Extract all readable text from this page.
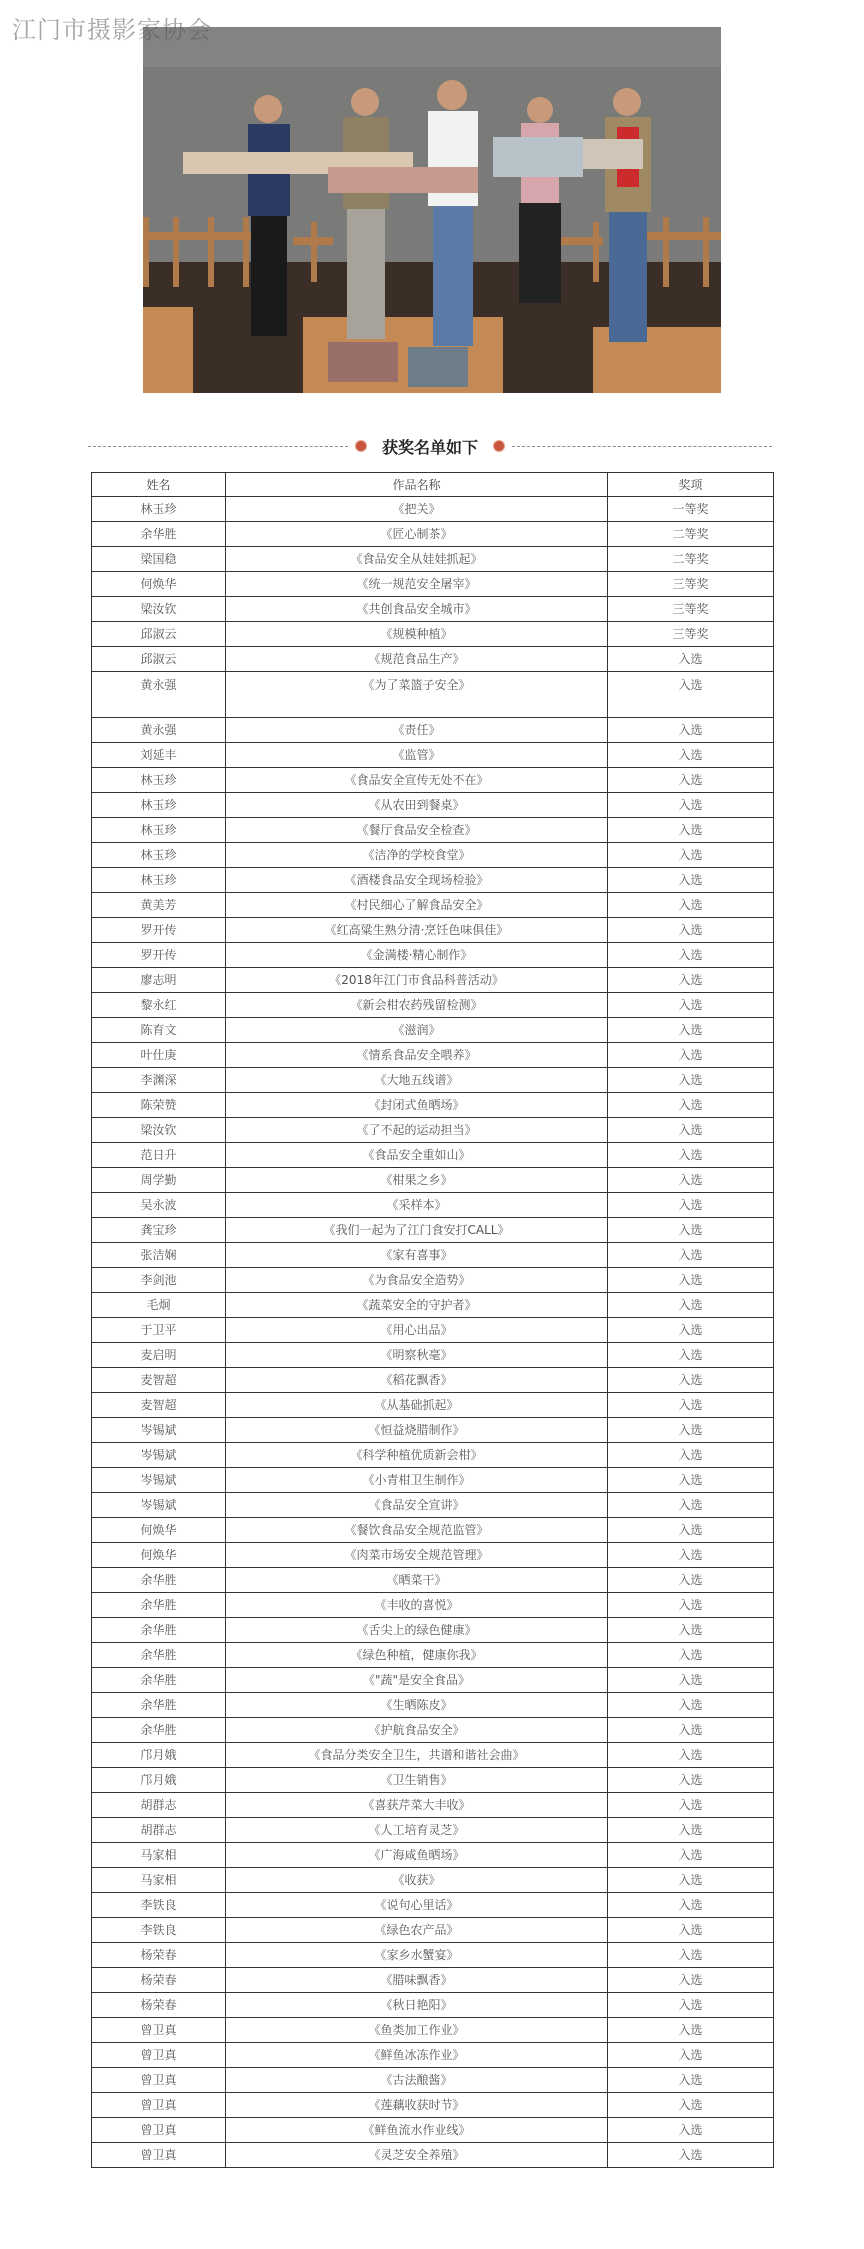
江门市摄影家协会
获奖名单如下
姓名	作品名称	奖项
林玉珍	《把关》	一等奖
余华胜	《匠心制茶》	二等奖
梁国稳	《食品安全从娃娃抓起》	二等奖
何焕华	《统一规范安全屠宰》	三等奖
梁汝钦	《共创食品安全城市》	三等奖
邱淑云	《规模种植》	三等奖
邱淑云	《规范食品生产》	入选
黄永强	《为了菜篮子安全》	入选
黄永强	《责任》	入选
刘延丰	《监管》	入选
林玉珍	《食品安全宣传无处不在》	入选
林玉珍	《从农田到餐桌》	入选
林玉珍	《餐厅食品安全检查》	入选
林玉珍	《洁净的学校食堂》	入选
林玉珍	《酒楼食品安全现场检验》	入选
黄美芳	《村民细心了解食品安全》	入选
罗开传	《红高粱生熟分清·烹饪色味俱佳》	入选
罗开传	《金满楼·精心制作》	入选
廖志明	《2018年江门市食品科普活动》	入选
黎永红	《新会柑农药残留检测》	入选
陈育文	《滋润》	入选
叶仕庚	《情系食品安全喂养》	入选
李渊深	《大地五线谱》	入选
陈荣赞	《封闭式鱼晒场》	入选
梁汝钦	《了不起的运动担当》	入选
范日升	《食品安全重如山》	入选
周学勤	《柑果之乡》	入选
吴永波	《采样本》	入选
龚宝珍	《我们一起为了江门食安打CALL》	入选
张洁娴	《家有喜事》	入选
李剑池	《为食品安全造势》	入选
毛炯	《蔬菜安全的守护者》	入选
于卫平	《用心出品》	入选
麦启明	《明察秋毫》	入选
麦智超	《稻花飘香》	入选
麦智超	《从基础抓起》	入选
岑锡斌	《恒益烧腊制作》	入选
岑锡斌	《科学种植优质新会柑》	入选
岑锡斌	《小青柑卫生制作》	入选
岑锡斌	《食品安全宣讲》	入选
何焕华	《餐饮食品安全规范监管》	入选
何焕华	《肉菜市场安全规范管理》	入选
余华胜	《晒菜干》	入选
余华胜	《丰收的喜悦》	入选
余华胜	《舌尖上的绿色健康》	入选
余华胜	《绿色种植，健康你我》	入选
余华胜	《"蔬"是安全食品》	入选
余华胜	《生晒陈皮》	入选
余华胜	《护航食品安全》	入选
邝月娥	《食品分类安全卫生，共谱和谐社会曲》	入选
邝月娥	《卫生销售》	入选
胡群志	《喜获芹菜大丰收》	入选
胡群志	《人工培育灵芝》	入选
马家相	《广海咸鱼晒场》	入选
马家相	《收获》	入选
李铁良	《说句心里话》	入选
李铁良	《绿色农产品》	入选
杨荣春	《家乡水蟹宴》	入选
杨荣春	《腊味飘香》	入选
杨荣春	《秋日艳阳》	入选
曾卫真	《鱼类加工作业》	入选
曾卫真	《鲜鱼冰冻作业》	入选
曾卫真	《古法酿酱》	入选
曾卫真	《莲藕收获时节》	入选
曾卫真	《鲜鱼流水作业线》	入选
曾卫真	《灵芝安全养殖》	入选
